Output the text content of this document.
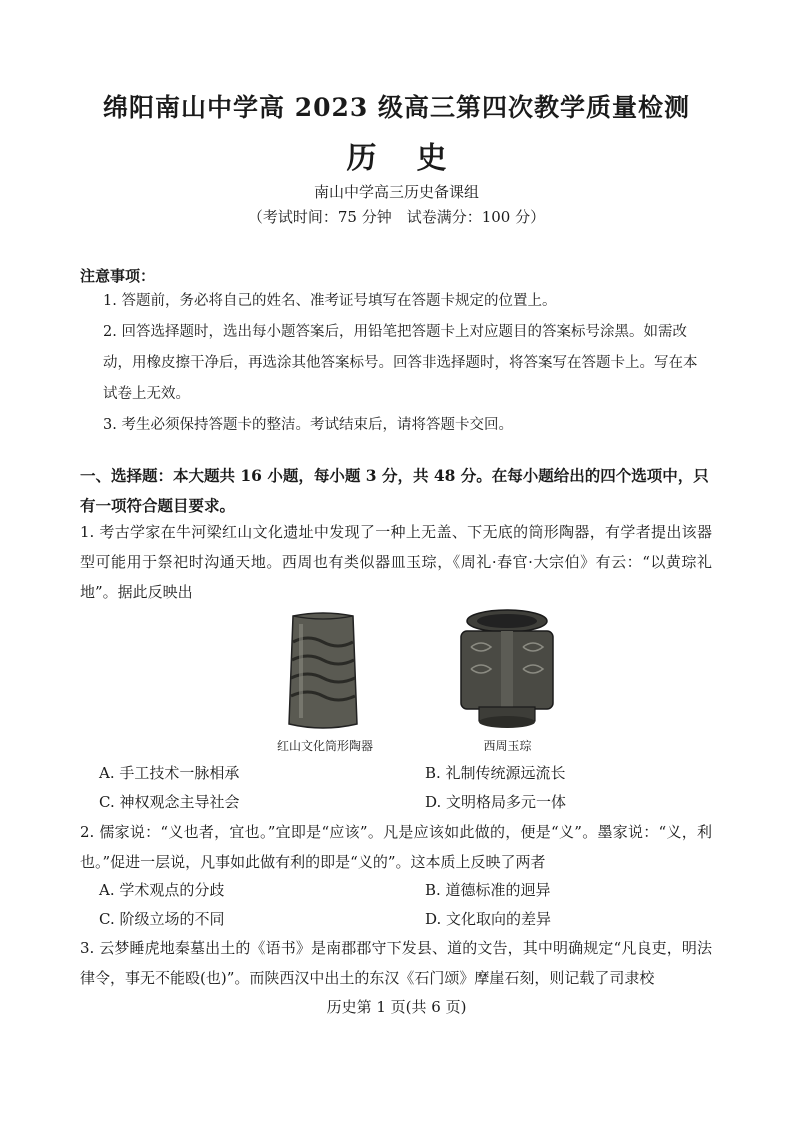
绵阳南山中学高 2023 级高三第四次教学质量检测
历史
南山中学高三历史备课组
（考试时间：75 分钟　试卷满分：100 分）
注意事项：
1. 答题前，务必将自己的姓名、准考证号填写在答题卡规定的位置上。
2. 回答选择题时，选出每小题答案后，用铅笔把答题卡上对应题目的答案标号涂黑。如需改动，用橡皮擦干净后，再选涂其他答案标号。回答非选择题时，将答案写在答题卡上。写在本试卷上无效。
3. 考生必须保持答题卡的整洁。考试结束后，请将答题卡交回。
一、选择题：本大题共 16 小题，每小题 3 分，共 48 分。在每小题给出的四个选项中，只有一项符合题目要求。
1. 考古学家在牛河梁红山文化遗址中发现了一种上无盖、下无底的筒形陶器，有学者提出该器型可能用于祭祀时沟通天地。西周也有类似器皿玉琮，《周礼·春官·大宗伯》有云：“以黄琮礼地”。据此反映出
红山文化筒形陶器	西周玉琮
A. 手工技术一脉相承	B. 礼制传统源远流长
C. 神权观念主导社会	D. 文明格局多元一体
2. 儒家说：“义也者，宜也。”宜即是“应该”。凡是应该如此做的，便是“义”。墨家说：“义，利也。”促进一层说，凡事如此做有利的即是“义的”。这本质上反映了两者
A. 学术观点的分歧	B. 道德标准的迥异
C. 阶级立场的不同	D. 文化取向的差异
3. 云梦睡虎地秦墓出土的《语书》是南郡郡守下发县、道的文告，其中明确规定“凡良吏，明法律令，事无不能殴(也)”。而陕西汉中出土的东汉《石门颂》摩崖石刻，则记载了司隶校
历史第 1 页(共 6 页)
